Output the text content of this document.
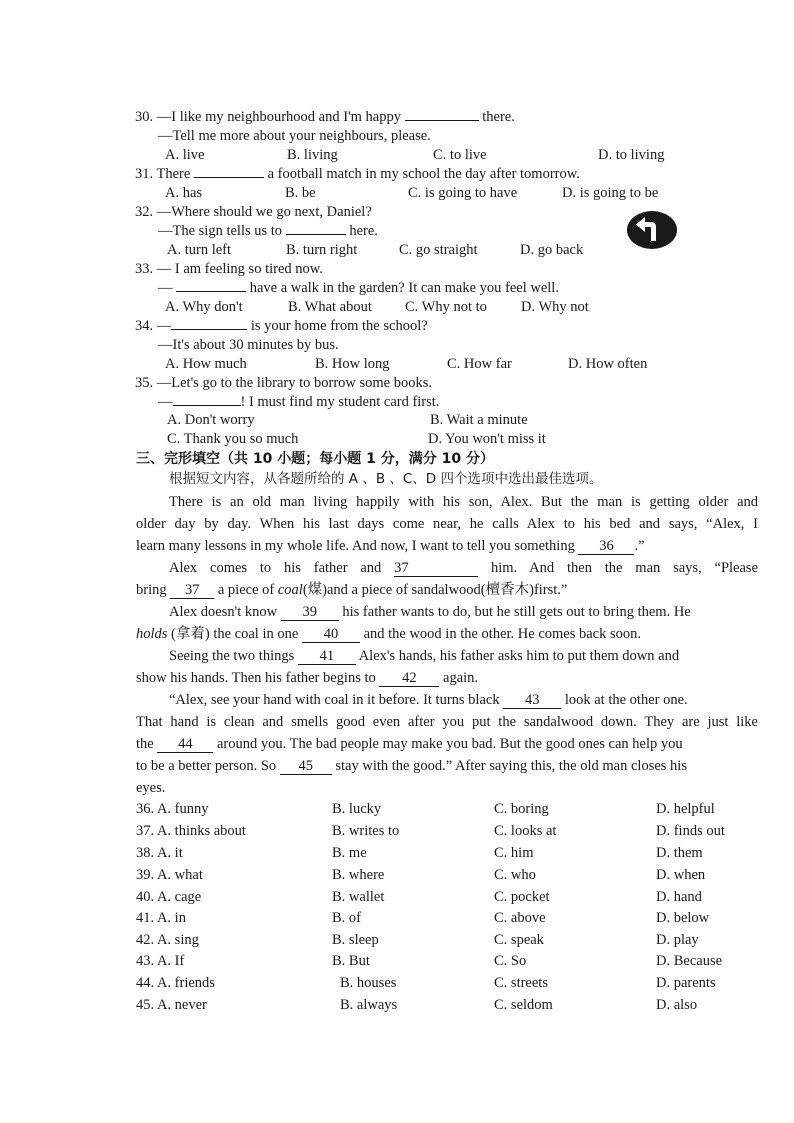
30. —I like my neighbourhood and I'm happy	there.
—Tell me more about your neighbours, please.
A. live	B. living	C. to live	D. to living
31. There	a football match in my school the day after tomorrow.
A. has	B. be	C. is going to have	D. is going to be
32. —Where should we go next, Daniel?
—The sign tells us to	here.
A. turn left	B. turn right	C. go straight	D. go back
33. — I am feeling so tired now.
—	have a walk in the garden? It can make you feel well.
A. Why don't	B. What about C. Why not to D. Why not
34. —	is your home from the school?
—It's about 30 minutes by bus.
A. How much	B. How long	C. How far	D. How often
35. —Let's go to the library to borrow some books.
—	! I must find my student card first.
A. Don't worry	B. Wait a minute
C. Thank you so much	D. You won't miss it
三、完形填空（共 10 小题；每小题 1 分，满分 10 分）
根据短文内容，从各题所给的 A 、B 、C、D 四个选项中选出最佳选项。
There is an old man living happily with his son, Alex. But the man is getting older and
older day by day. When his last days come near, he calls Alex to his bed and says, “Alex, I
learn many lessons in my whole life. And now, I want to tell you something 36 .”
Alex comes to his father and 37	him. And then the man says, “Please
bring 37 a piece of coal(煤)and a piece of sandalwood(檀香木)first.”
Alex doesn't know 39 his father wants to do, but he still gets out to bring them. He
holds (拿着) the coal in one 40 and the wood in the other. He comes back soon.
Seeing the two things 41 Alex's hands, his father asks him to put them down and
show his hands. Then his father begins to 42 again.
“Alex, see your hand with coal in it before. It turns black 43 look at the other one.
That hand is clean and smells good even after you put the sandalwood down. They are just like
the 44 around you. The bad people may make you bad. But the good ones can help you
to be a better person. So 45 stay with the good.” After saying this, the old man closes his
eyes.
36. A. funny	B. lucky	C. boring	D. helpful
37. A. thinks about	B. writes to	C. looks at	D. finds out
38. A. it	B. me	C. him	D. them
39. A. what	B. where	C. who	D. when
40. A. cage	B. wallet	C. pocket	D. hand
41. A. in	B. of	C. above	D. below
42. A. sing	B. sleep	C. speak	D. play
43. A. If	B. But	C. So	D. Because
44. A. friends	B. houses	C. streets	D. parents
45. A. never	B. always	C. seldom	D. also
